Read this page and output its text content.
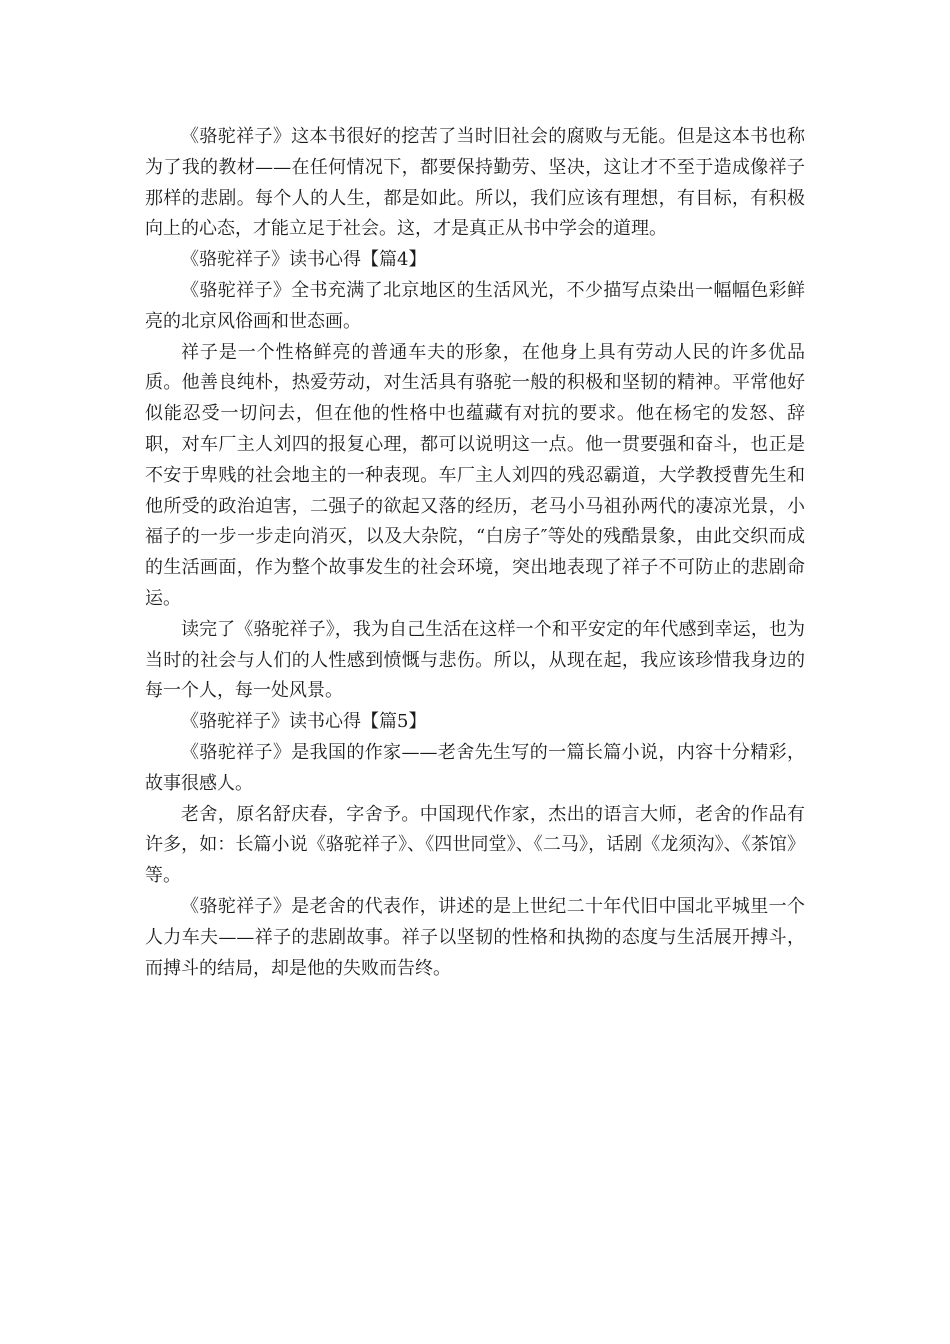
《骆驼祥子》这本书很好的挖苦了当时旧社会的腐败与无能。但是这本书也称为了我的教材——在任何情况下，都要保持勤劳、坚决，这让才不至于造成像祥子那样的悲剧。每个人的人生，都是如此。所以，我们应该有理想，有目标，有积极向上的心态，才能立足于社会。这，才是真正从书中学会的道理。

《骆驼祥子》读书心得【篇4】

《骆驼祥子》全书充满了北京地区的生活风光，不少描写点染出一幅幅色彩鲜亮的北京风俗画和世态画。

祥子是一个性格鲜亮的普通车夫的形象，在他身上具有劳动人民的许多优品质。他善良纯朴，热爱劳动，对生活具有骆驼一般的积极和坚韧的精神。平常他好似能忍受一切问去，但在他的性格中也蕴藏有对抗的要求。他在杨宅的发怒、辞职，对车厂主人刘四的报复心理，都可以说明这一点。他一贯要强和奋斗，也正是不安于卑贱的社会地主的一种表现。车厂主人刘四的残忍霸道，大学教授曹先生和他所受的政治迫害，二强子的欲起又落的经历，老马小马祖孙两代的凄凉光景，小福子的一步一步走向消灭，以及大杂院，“白房子″等处的残酷景象，由此交织而成的生活画面，作为整个故事发生的社会环境，突出地表现了祥子不可防止的悲剧命运。

读完了《骆驼祥子》，我为自己生活在这样一个和平安定的年代感到幸运，也为当时的社会与人们的人性感到愤慨与悲伤。所以，从现在起，我应该珍惜我身边的每一个人，每一处风景。

《骆驼祥子》读书心得【篇5】

《骆驼祥子》是我国的作家——老舍先生写的一篇长篇小说，内容十分精彩，故事很感人。

老舍，原名舒庆春，字舍予。中国现代作家，杰出的语言大师，老舍的作品有许多，如：长篇小说《骆驼祥子》、《四世同堂》、《二马》，话剧《龙须沟》、《茶馆》等。

《骆驼祥子》是老舍的代表作，讲述的是上世纪二十年代旧中国北平城里一个人力车夫——祥子的悲剧故事。祥子以坚韧的性格和执拗的态度与生活展开搏斗，而搏斗的结局，却是他的失败而告终。
